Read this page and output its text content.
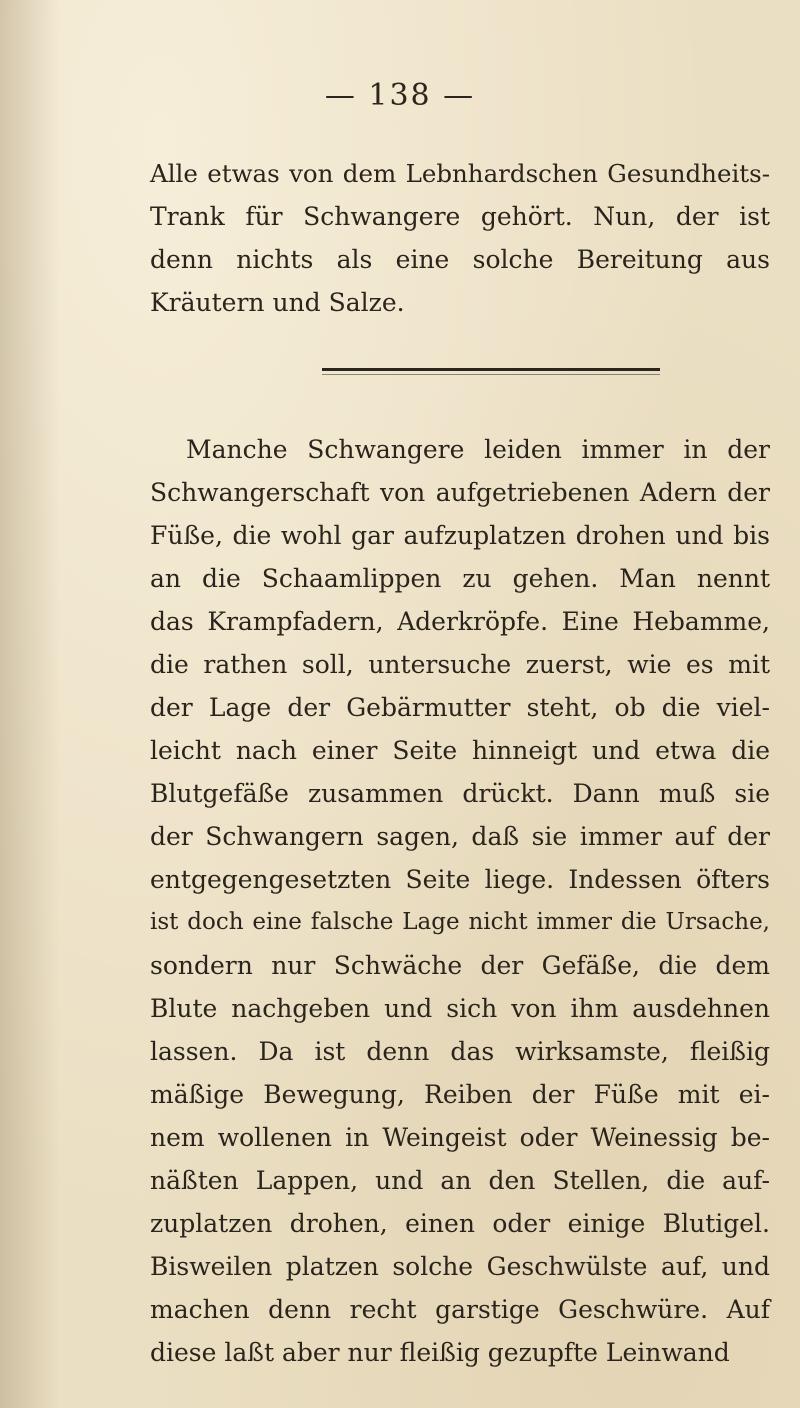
— 138 —
Alle etwas von dem Lebnhardschen Gesundheits-
Trank für Schwangere gehört. Nun, der ist
denn nichts als eine solche Bereitung aus
Kräutern und Salze.
Manche Schwangere leiden immer in der
Schwangerschaft von aufgetriebenen Adern der
Füße, die wohl gar aufzuplatzen drohen und bis
an die Schaamlippen zu gehen. Man nennt
das Krampfadern, Aderkröpfe. Eine Hebamme,
die rathen soll, untersuche zuerst, wie es mit
der Lage der Gebärmutter steht, ob die viel-
leicht nach einer Seite hinneigt und etwa die
Blutgefäße zusammen drückt. Dann muß sie
der Schwangern sagen, daß sie immer auf der
entgegengesetzten Seite liege. Indessen öfters
ist doch eine falsche Lage nicht immer die Ursache,
sondern nur Schwäche der Gefäße, die dem
Blute nachgeben und sich von ihm ausdehnen
lassen. Da ist denn das wirksamste, fleißig
mäßige Bewegung, Reiben der Füße mit ei-
nem wollenen in Weingeist oder Weinessig be-
näßten Lappen, und an den Stellen, die auf-
zuplatzen drohen, einen oder einige Blutigel.
Bisweilen platzen solche Geschwülste auf, und
machen denn recht garstige Geschwüre. Auf
diese laßt aber nur fleißig gezupfte Leinwand
